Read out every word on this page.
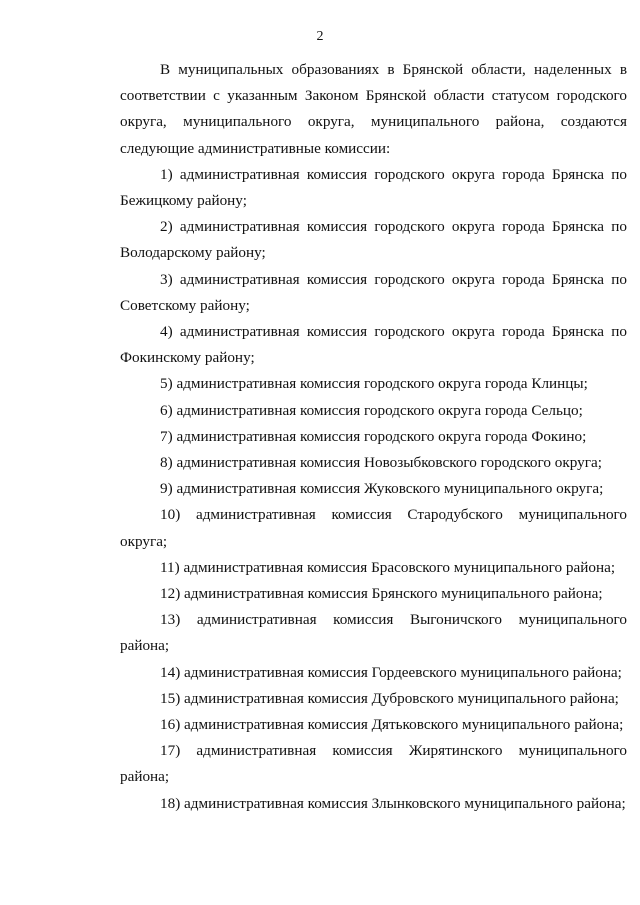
2

В муниципальных образованиях в Брянской области, наделенных в соответствии с указанным Законом Брянской области статусом городского округа, муниципального округа, муниципального района, создаются следующие административные комиссии:

1) административная комиссия городского округа города Брянска по Бежицкому району;

2) административная комиссия городского округа города Брянска по Володарскому району;

3) административная комиссия городского округа города Брянска по Советскому району;

4) административная комиссия городского округа города Брянска по Фокинскому району;

5) административная комиссия городского округа города Клинцы;

6) административная комиссия городского округа города Сельцо;

7) административная комиссия городского округа города Фокино;

8) административная комиссия Новозыбковского городского округа;

9) административная комиссия Жуковского муниципального округа;

10) административная комиссия Стародубского муниципального округа;

11) административная комиссия Брасовского муниципального района;

12) административная комиссия Брянского муниципального района;

13) административная комиссия Выгоничского муниципального района;

14) административная комиссия Гордеевского муниципального района;

15) административная комиссия Дубровского муниципального района;

16) административная комиссия Дятьковского муниципального района;

17) административная комиссия Жирятинского муниципального района;

18) административная комиссия Злынковского муниципального района;
